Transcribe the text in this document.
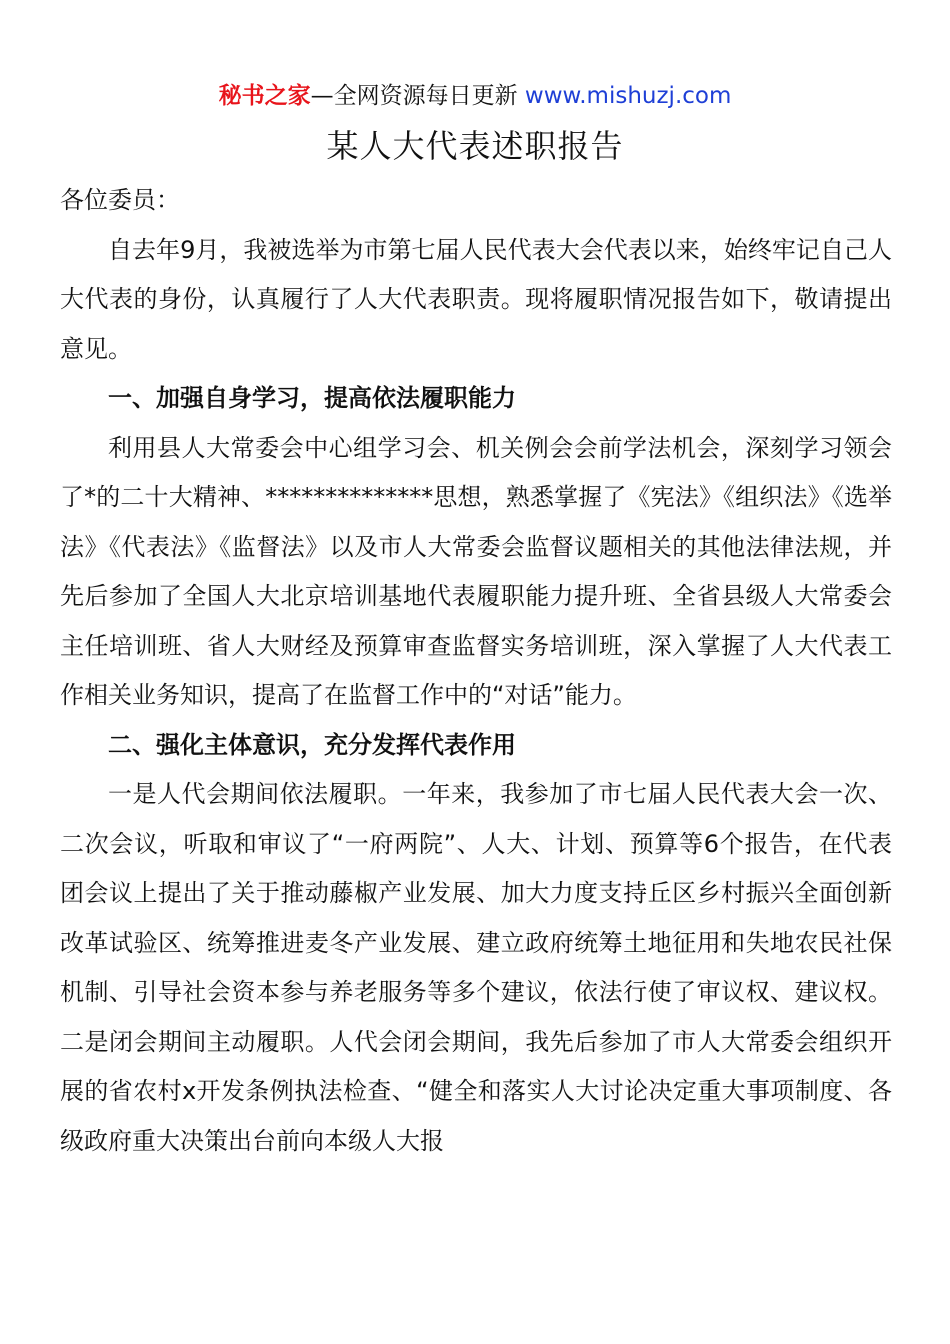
秘书之家—全网资源每日更新 www.mishuzj.com
某人大代表述职报告

各位委员：

自去年9月，我被选举为市第七届人民代表大会代表以来，始终牢记自己人大代表的身份，认真履行了人大代表职责。现将履职情况报告如下，敬请提出意见。

一、加强自身学习，提高依法履职能力

利用县人大常委会中心组学习会、机关例会会前学法机会，深刻学习领会了*的二十大精神、**************思想，熟悉掌握了《宪法》《组织法》《选举法》《代表法》《监督法》以及市人大常委会监督议题相关的其他法律法规，并先后参加了全国人大北京培训基地代表履职能力提升班、全省县级人大常委会主任培训班、省人大财经及预算审查监督实务培训班，深入掌握了人大代表工作相关业务知识，提高了在监督工作中的“对话”能力。

二、强化主体意识，充分发挥代表作用

一是人代会期间依法履职。一年来，我参加了市七届人民代表大会一次、二次会议，听取和审议了“一府两院”、人大、计划、预算等6个报告，在代表团会议上提出了关于推动藤椒产业发展、加大力度支持丘区乡村振兴全面创新改革试验区、统筹推进麦冬产业发展、建立政府统筹土地征用和失地农民社保机制、引导社会资本参与养老服务等多个建议，依法行使了审议权、建议权。二是闭会期间主动履职。人代会闭会期间，我先后参加了市人大常委会组织开展的省农村x开发条例执法检查、“健全和落实人大讨论决定重大事项制度、各级政府重大决策出台前向本级人大报
